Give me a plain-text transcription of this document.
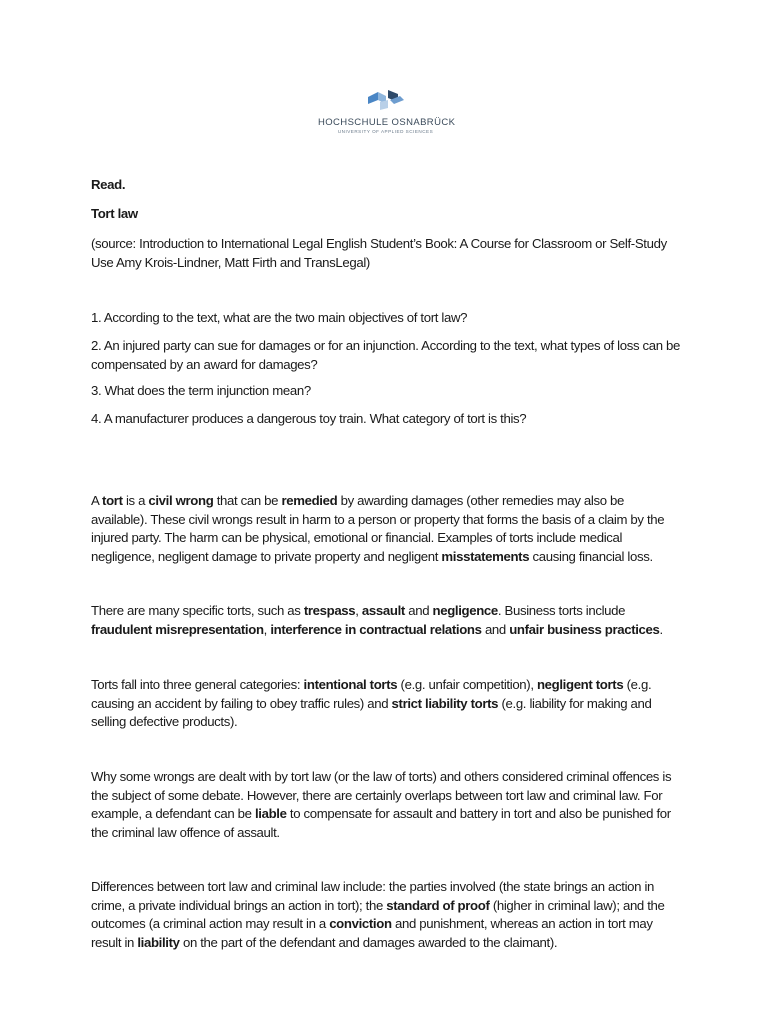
HOCHSCHULE OSNABRÜCK
UNIVERSITY OF APPLIED SCIENCES

Read.

Tort law

(source: Introduction to International Legal English Student’s Book: A Course for Classroom or Self-Study Use Amy Krois-Lindner, Matt Firth and TransLegal)

1. According to the text, what are the two main objectives of tort law?

2. An injured party can sue for damages or for an injunction. According to the text, what types of loss can be compensated by an award for damages?

3. What does the term injunction mean?

4. A manufacturer produces a dangerous toy train. What category of tort is this?

A tort is a civil wrong that can be remedied by awarding damages (other remedies may also be available). These civil wrongs result in harm to a person or property that forms the basis of a claim by the injured party. The harm can be physical, emotional or financial. Examples of torts include medical negligence, negligent damage to private property and negligent misstatements causing financial loss.

There are many specific torts, such as trespass, assault and negligence. Business torts include fraudulent misrepresentation, interference in contractual relations and unfair business practices.

Torts fall into three general categories: intentional torts (e.g. unfair competition), negligent torts (e.g. causing an accident by failing to obey traffic rules) and strict liability torts (e.g. liability for making and selling defective products).

Why some wrongs are dealt with by tort law (or the law of torts) and others considered criminal offences is the subject of some debate. However, there are certainly overlaps between tort law and criminal law. For example, a defendant can be liable to compensate for assault and battery in tort and also be punished for the criminal law offence of assault.

Differences between tort law and criminal law include: the parties involved (the state brings an action in crime, a private individual brings an action in tort); the standard of proof (higher in criminal law); and the outcomes (a criminal action may result in a conviction and punishment, whereas an action in tort may result in liability on the part of the defendant and damages awarded to the claimant).
